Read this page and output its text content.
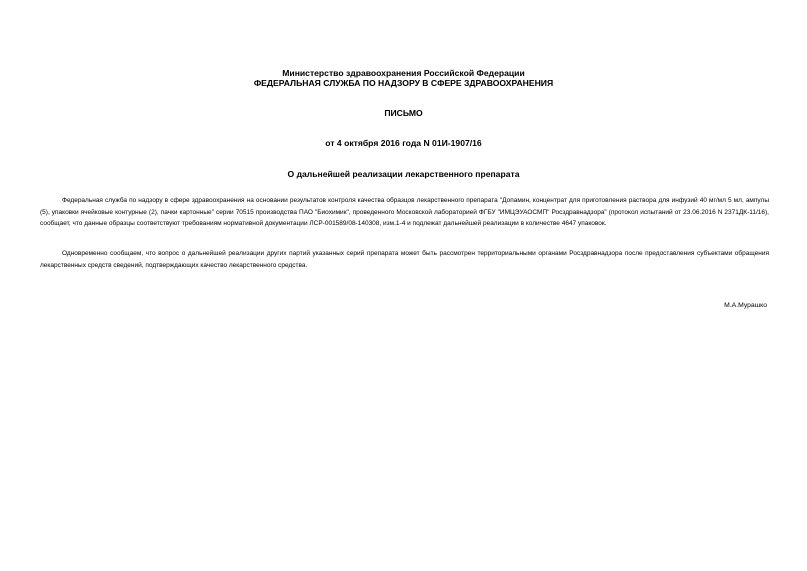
Министерство здравоохранения Российской Федерации
ФЕДЕРАЛЬНАЯ СЛУЖБА ПО НАДЗОРУ В СФЕРЕ ЗДРАВООХРАНЕНИЯ
ПИСЬМО
от 4 октября 2016 года N 01И-1907/16
О дальнейшей реализации лекарственного препарата

Федеральная служба по надзору в сфере здравоохранения на основании результатов контроля качества образцов лекарственного препарата "Допамин, концентрат для приготовления раствора для инфузий 40 мг/мл 5 мл, ампулы (5), упаковки ячейковые контурные (2), пачки картонные" серии 70515 производства ПАО "Биохимик", проведенного Московской лабораторией ФГБУ "ИМЦЭУАОСМП" Росздравнадзора" (протокол испытаний от 23.06.2016 N 2371ДК-11/16), сообщает, что данные образцы соответствуют требованиям нормативной документации ЛСР-001589/08-140308, изм.1-4 и подлежат дальнейшей реализации в количестве 4647 упаковок.

Одновременно сообщаем, что вопрос о дальнейшей реализации других партий указанных серий препарата может быть рассмотрен территориальными органами Росздравнадзора после предоставления субъектами обращения лекарственных средств сведений, подтверждающих качество лекарственного средства.

М.А.Мурашко
